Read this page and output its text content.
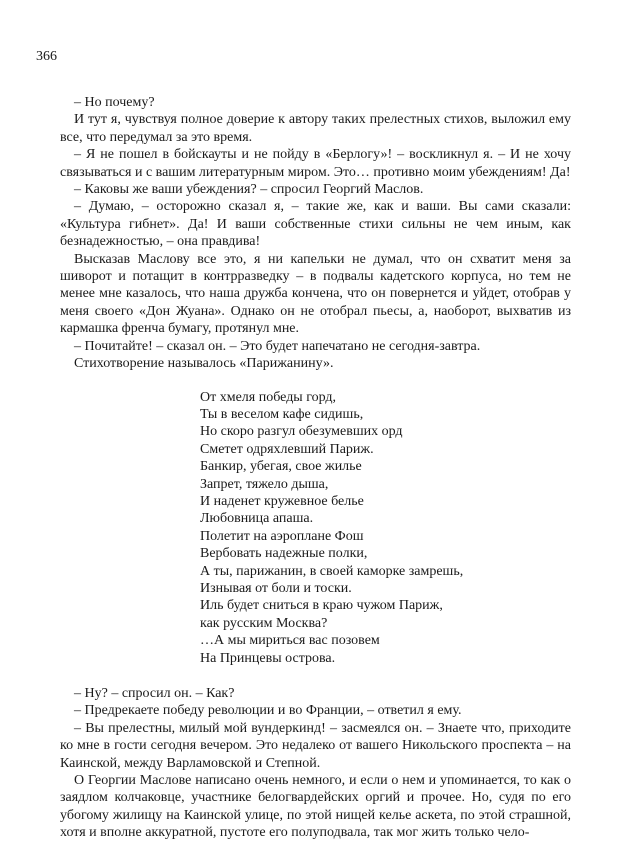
366

– Но почему?

И тут я, чувствуя полное доверие к автору таких прелестных стихов, выложил ему все, что передумал за это время.

– Я не пошел в бойскауты и не пойду в «Берлогу»! – воскликнул я. – И не хочу связываться и с вашим литературным миром. Это… противно моим убеждениям! Да!

– Каковы же ваши убеждения? – спросил Георгий Маслов.

– Думаю, – осторожно сказал я, – такие же, как и ваши. Вы сами сказали: «Культура гибнет». Да! И ваши собственные стихи сильны не чем иным, как безнадежностью, – она правдива!

Высказав Маслову все это, я ни капельки не думал, что он схватит меня за шиворот и потащит в контрразведку – в подвалы кадетского корпуса, но тем не менее мне казалось, что наша дружба кончена, что он повернется и уйдет, отобрав у меня своего «Дон Жуана». Однако он не отобрал пьесы, а, наоборот, выхватив из кармашка френча бумагу, протянул мне.

– Почитайте! – сказал он. – Это будет напечатано не сегодня-завтра.

Стихотворение называлось «Парижанину».

От хмеля победы горд,
Ты в веселом кафе сидишь,
Но скоро разгул обезумевших орд
Сметет одряхлевший Париж.
Банкир, убегая, свое жилье
Запрет, тяжело дыша,
И наденет кружевное белье
Любовница апаша.
Полетит на аэроплане Фош
Вербовать надежные полки,
А ты, парижанин, в своей каморке замрешь,
Изнывая от боли и тоски.
Иль будет сниться в краю чужом Париж,
как русским Москва?
…А мы мириться вас позовем
На Принцевы острова.

– Ну? – спросил он. – Как?

– Предрекаете победу революции и во Франции, – ответил я ему.

– Вы прелестны, милый мой вундеркинд! – засмеялся он. – Знаете что, приходите ко мне в гости сегодня вечером. Это недалеко от вашего Никольского проспекта – на Каинской, между Варламовской и Степной.

О Георгии Маслове написано очень немного, и если о нем и упоминается, то как о заядлом колчаковце, участнике белогвардейских оргий и прочее. Но, судя по его убогому жилищу на Каинской улице, по этой нищей келье аскета, по этой страшной, хотя и вполне аккуратной, пустоте его полуподвала, так мог жить только чело-
